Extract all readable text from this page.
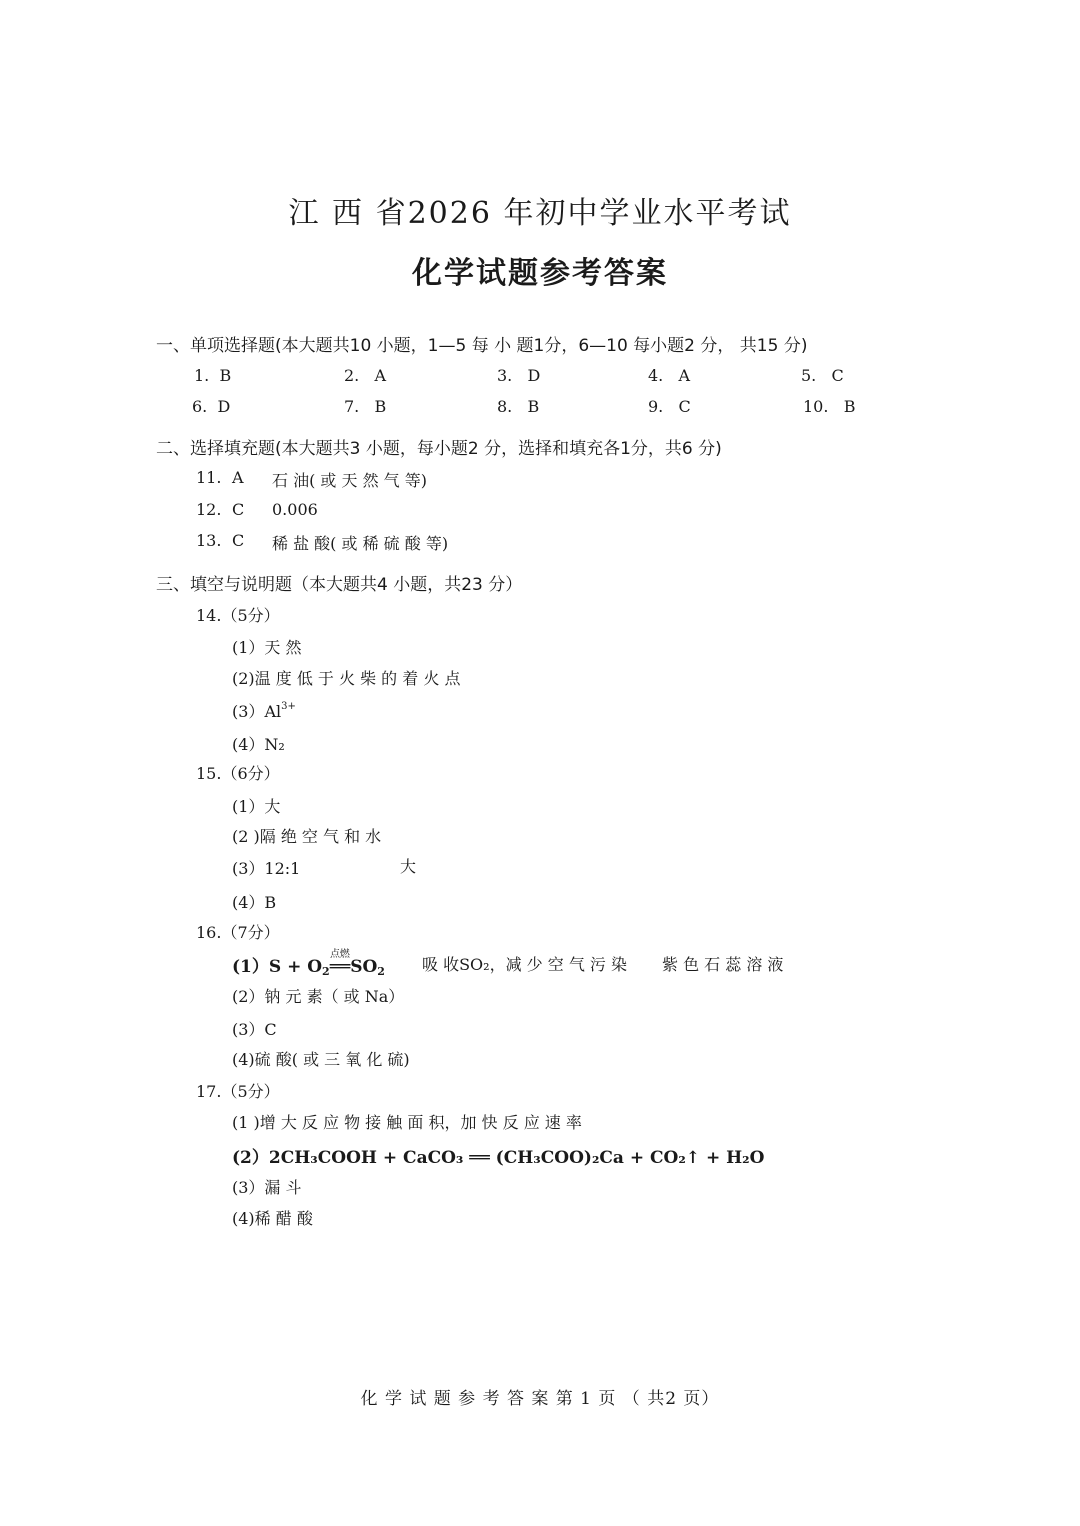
江 西 省2026 年初中学业水平考试
化学试题参考答案
一、单项选择题(本大题共10 小题，1—5 每 小 题1分，6—10 每小题2 分， 共15 分)
1. B	2. A	3. D	4. A	5. C
6. D	7. B	8. B	9. C	10. B
二、选择填充题(本大题共3 小题，每小题2 分，选择和填充各1分，共6 分)
11. A 石 油( 或 天 然 气 等)
12. C 0.006
13. C 稀 盐 酸( 或 稀 硫 酸 等)
三、填空与说明题（本大题共4 小题，共23 分）
14.（5分）
(1）天 然
(2)温 度 低 于 火 柴 的 着 火 点
$(3)Al^{3+}$
(4）N₂
15.（6分）
(1）大
(2 )隔 绝 空 气 和 水
(3）12:1	大
(4）B
16.（7分）
$(1)S + O_2$
点燃
$══SO_2$ 吸 收SO₂，减 少 空 气 污 染 紫 色 石 蕊 溶 液
(2）钠 元 素（ 或 Na）
(3）C
(4)硫 酸( 或 三 氧 化 硫)
17.（5分）
(1 )增 大 反 应 物 接 触 面 积，加 快 反 应 速 率
(2）2CH₃COOH + CaCO₃ ══ (CH₃COO)₂Ca + CO₂↑ + H₂O
(3）漏 斗
(4)稀 醋 酸
化 学 试 题 参 考 答 案 第 1 页 （ 共2 页）
